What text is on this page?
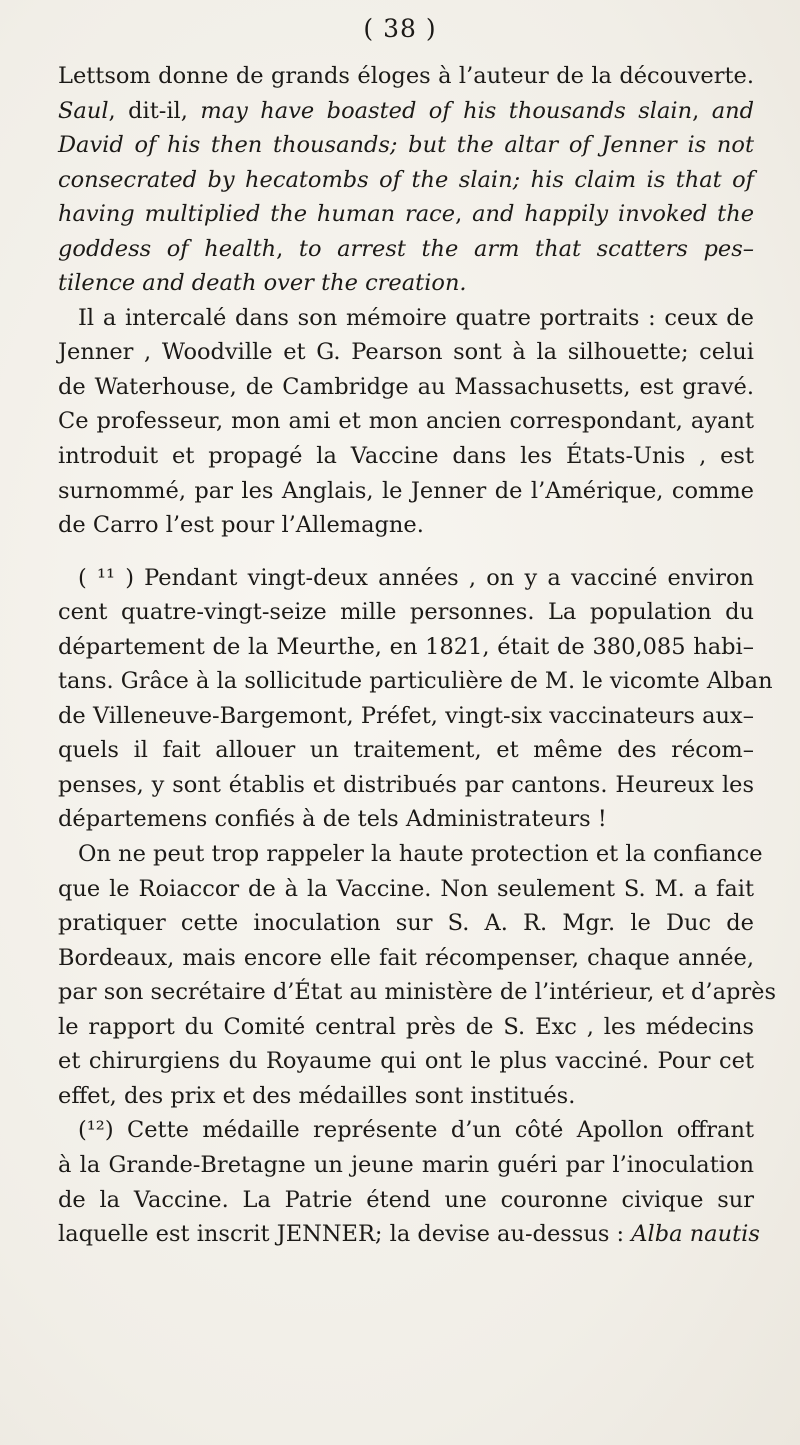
( 38 )
Lettsom donne de grands éloges à l’auteur de la découverte.
Saul, dit-il, may have boasted of his thousands slain, and
David of his then thousands; but the altar of Jenner is not
consecrated by hecatombs of the slain; his claim is that of
having multiplied the human race, and happily invoked the
goddess of health, to arrest the arm that scatters pes–
tilence and death over the creation.
Il a intercalé dans son mémoire quatre portraits : ceux de
Jenner , Woodville et G. Pearson sont à la silhouette; celui
de Waterhouse, de Cambridge au Massachusetts, est gravé.
Ce professeur, mon ami et mon ancien correspondant, ayant
introduit et propagé la Vaccine dans les États-Unis , est
surnommé, par les Anglais, le Jenner de l’Amérique, comme
de Carro l’est pour l’Allemagne.
( ¹¹ ) Pendant vingt-deux années , on y a vacciné environ
cent quatre-vingt-seize mille personnes. La population du
département de la Meurthe, en 1821, était de 380,085 habi–
tans. Grâce à la sollicitude particulière de M. le vicomte Alban
de Villeneuve-Bargemont, Préfet, vingt-six vaccinateurs aux–
quels il fait allouer un traitement, et même des récom–
penses, y sont établis et distribués par cantons. Heureux les
départemens confiés à de tels Administrateurs !
On ne peut trop rappeler la haute protection et la confiance
que le Roiaccor de à la Vaccine. Non seulement S. M. a fait
pratiquer cette inoculation sur S. A. R. Mgr. le Duc de
Bordeaux, mais encore elle fait récompenser, chaque année,
par son secrétaire d’État au ministère de l’intérieur, et d’après
le rapport du Comité central près de S. Exc , les médecins
et chirurgiens du Royaume qui ont le plus vacciné. Pour cet
effet, des prix et des médailles sont institués.
(¹²) Cette médaille représente d’un côté Apollon offrant
à la Grande-Bretagne un jeune marin guéri par l’inoculation
de la Vaccine. La Patrie étend une couronne civique sur
laquelle est inscrit JENNER; la devise au-dessus : Alba nautis
